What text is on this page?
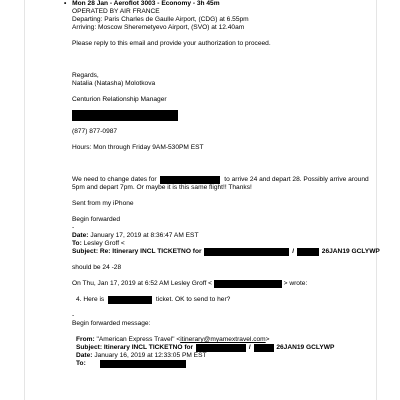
• Mon 28 Jan - Aeroflot 3003 - Economy - 3h 45m
OPERATED BY AIR FRANCE
Departing: Paris Charles de Gaulle Airport, (CDG) at 6.55pm
Arriving: Moscow Sheremetyevo Airport, (SVO) at 12.40am
Please reply to this email and provide your authorization to proceed.
Regards,
Natalia (Natasha) Molotkova
Centurion Relationship Manager
(877) 877-0987
Hours: Mon through Friday 9AM-530PM EST
We need to change dates for	to arrive 24 and depart 28. Possibly arrive around
5pm and depart 7pm. Or maybe it is this same flight!! Thanks!
Sent from my iPhone
Begin forwarded
-
Date: January 17, 2019 at 8:36:47 AM EST
To: Lesley Groff <
Subject: Re: Itinerary INCL TICKETNO for	/	26JAN19 GCLYWP
should be 24 -28
On Thu, Jan 17, 2019 at 6:52 AM Lesley Groff <	> wrote:
4. Here is	ticket. OK to send to her?
-
Begin forwarded message:
From: "American Express Travel" <itinerary@myamextravel.com>
Subject: Itinerary INCL TICKETNO for	/	26JAN19 GCLYWP
Date: January 16, 2019 at 12:33:05 PM EST
To:
